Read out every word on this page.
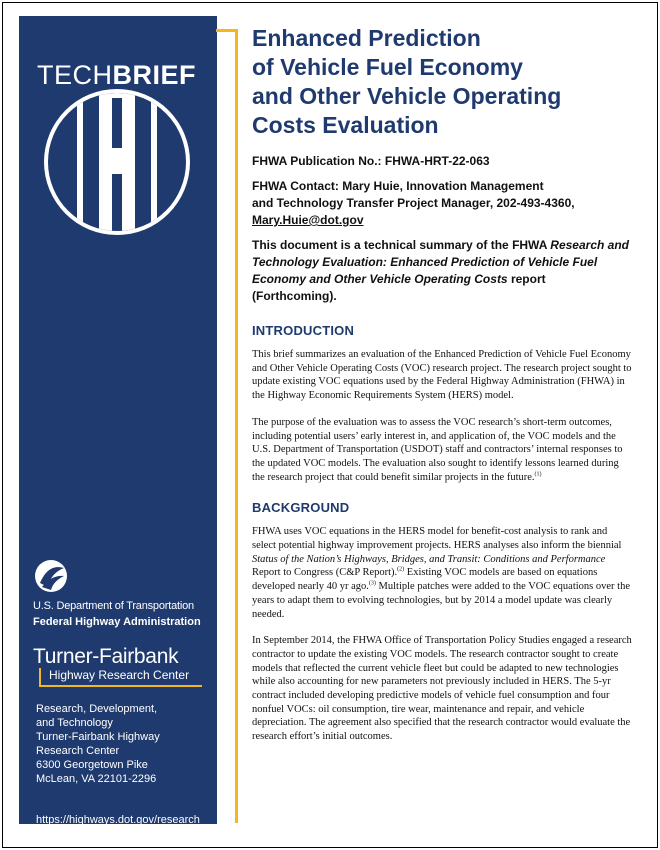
TECHBRIEF
U.S. Department of Transportation
Federal Highway Administration
Turner-Fairbank
Highway Research Center
Research, Development,
and Technology
Turner-Fairbank Highway
Research Center
6300 Georgetown Pike
McLean, VA 22101-2296
https://highways.dot.gov/research
Enhanced Prediction
of Vehicle Fuel Economy
and Other Vehicle Operating
Costs Evaluation
FHWA Publication No.: FHWA-HRT-22-063
FHWA Contact: Mary Huie, Innovation Management
and Technology Transfer Project Manager, 202-493-4360,
Mary.Huie@dot.gov
This document is a technical summary of the FHWA Research and Technology Evaluation: Enhanced Prediction of Vehicle Fuel Economy and Other Vehicle Operating Costs report (Forthcoming).
INTRODUCTION

This brief summarizes an evaluation of the Enhanced Prediction of Vehicle Fuel Economy and Other Vehicle Operating Costs (VOC) research project. The research project sought to update existing VOC equations used by the Federal Highway Administration (FHWA) in the Highway Economic Requirements System (HERS) model.

The purpose of the evaluation was to assess the VOC research’s short-term outcomes, including potential users’ early interest in, and application of, the VOC models and the U.S. Department of Transportation (USDOT) staff and contractors’ internal responses to the updated VOC models. The evaluation also sought to identify lessons learned during the research project that could benefit similar projects in the future.$^{(1)}$

BACKGROUND

FHWA uses VOC equations in the HERS model for benefit-cost analysis to rank and select potential highway improvement projects. HERS analyses also inform the biennial Status of the Nation’s Highways, Bridges, and Transit: Conditions and Performance Report to Congress (C&P Report).$^{(2)}$ Existing VOC models are based on equations developed nearly 40 yr ago.$^{(3)}$ Multiple patches were added to the VOC equations over the years to adapt them to evolving technologies, but by 2014 a model update was clearly needed.

In September 2014, the FHWA Office of Transportation Policy Studies engaged a research contractor to update the existing VOC models. The research contractor sought to create models that reflected the current vehicle fleet but could be adapted to new technologies while also accounting for new parameters not previously included in HERS. The 5-yr contract included developing predictive models of vehicle fuel consumption and four nonfuel VOCs: oil consumption, tire wear, maintenance and repair, and vehicle depreciation. The agreement also specified that the research contractor would evaluate the research effort’s initial outcomes.
